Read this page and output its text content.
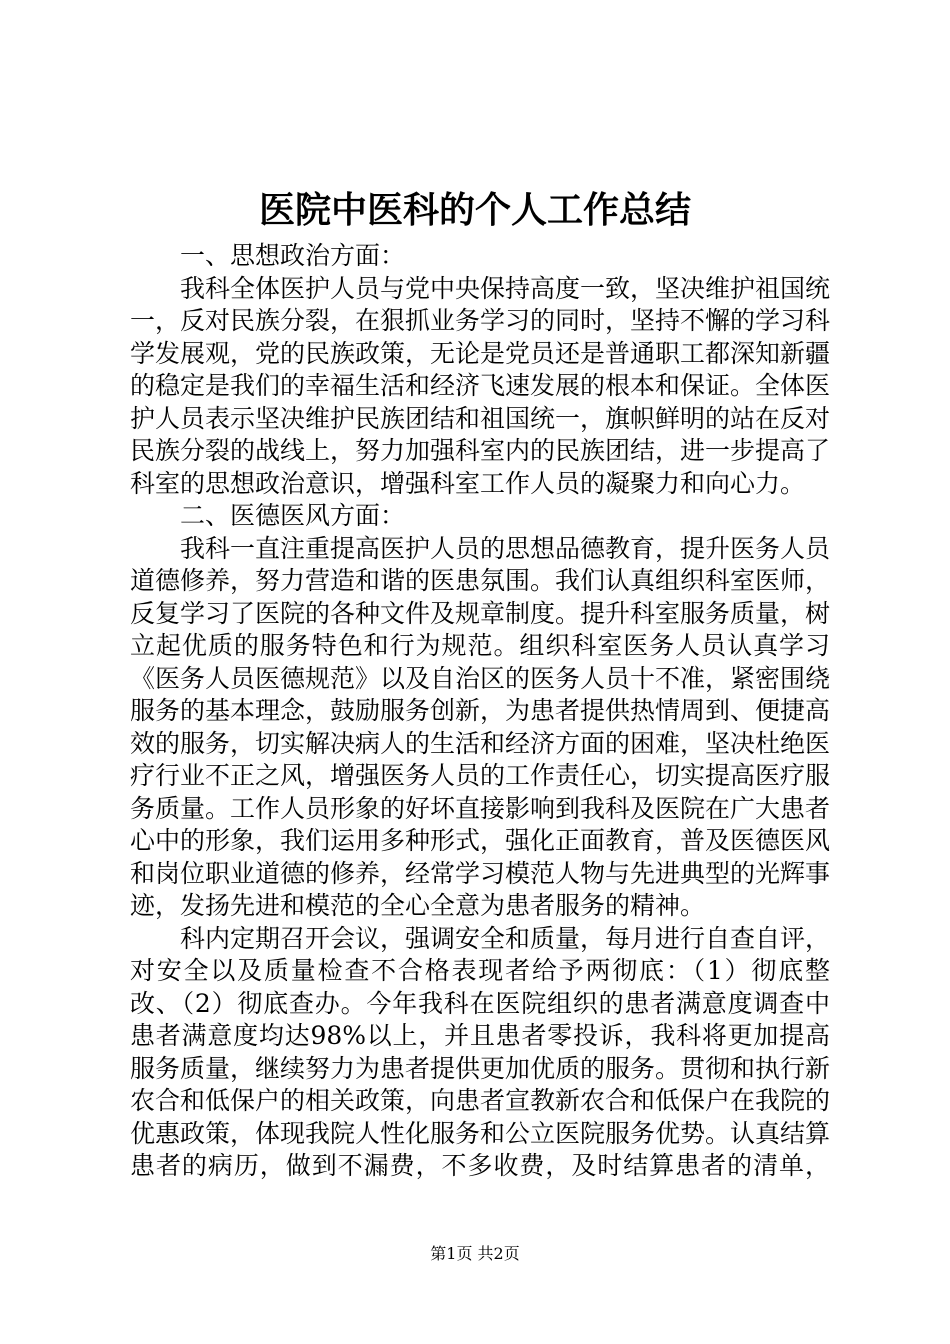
医院中医科的个人工作总结

一、思想政治方面：

我科全体医护人员与党中央保持高度一致，坚决维护祖国统一，反对民族分裂，在狠抓业务学习的同时，坚持不懈的学习科学发展观，党的民族政策，无论是党员还是普通职工都深知新疆的稳定是我们的幸福生活和经济飞速发展的根本和保证。全体医护人员表示坚决维护民族团结和祖国统一，旗帜鲜明的站在反对民族分裂的战线上，努力加强科室内的民族团结，进一步提高了科室的思想政治意识，增强科室工作人员的凝聚力和向心力。

二、医德医风方面：

我科一直注重提高医护人员的思想品德教育，提升医务人员道德修养，努力营造和谐的医患氛围。我们认真组织科室医师，反复学习了医院的各种文件及规章制度。提升科室服务质量，树立起优质的服务特色和行为规范。组织科室医务人员认真学习《医务人员医德规范》以及自治区的医务人员十不准，紧密围绕服务的基本理念，鼓励服务创新，为患者提供热情周到、便捷高效的服务，切实解决病人的生活和经济方面的困难，坚决杜绝医疗行业不正之风，增强医务人员的工作责任心，切实提高医疗服务质量。工作人员形象的好坏直接影响到我科及医院在广大患者心中的形象，我们运用多种形式，强化正面教育，普及医德医风和岗位职业道德的修养，经常学习模范人物与先进典型的光辉事迹，发扬先进和模范的全心全意为患者服务的精神。

科内定期召开会议，强调安全和质量，每月进行自查自评，对安全以及质量检查不合格表现者给予两彻底：（1）彻底整改、（2）彻底查办。今年我科在医院组织的患者满意度调查中患者满意度均达98%以上，并且患者零投诉，我科将更加提高服务质量，继续努力为患者提供更加优质的服务。贯彻和执行新农合和低保户的相关政策，向患者宣教新农合和低保户在我院的优惠政策，体现我院人性化服务和公立医院服务优势。认真结算患者的病历，做到不漏费，不多收费，及时结算患者的清单，

第1页 共2页
